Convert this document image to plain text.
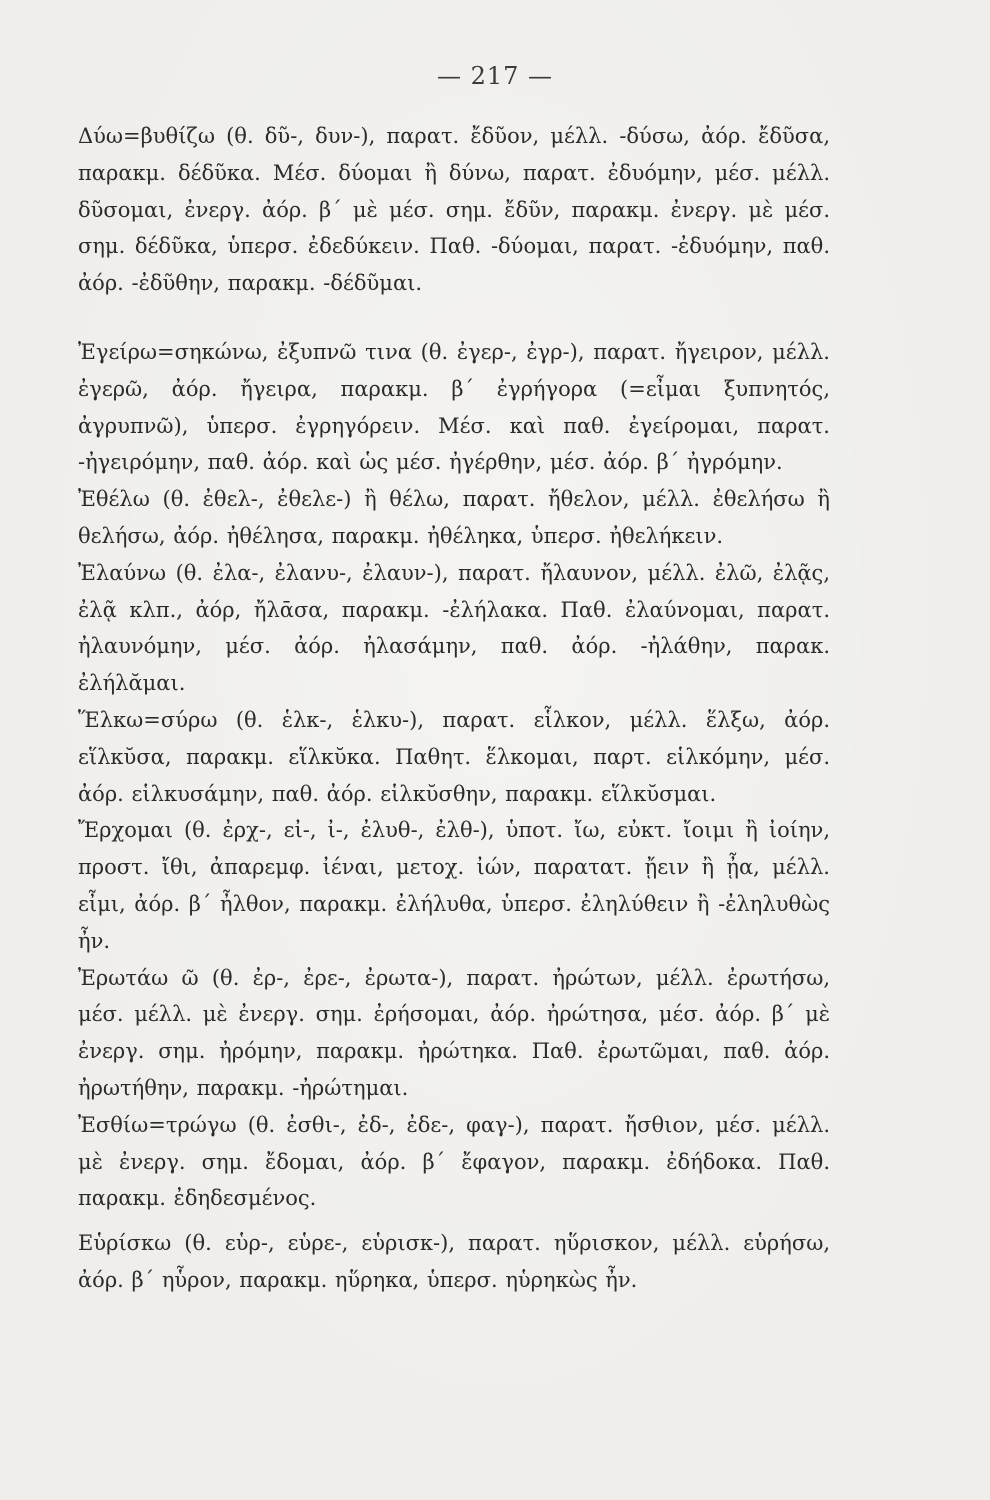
— 217 —

Δύω=βυθίζω (θ. δῦ-, δυν-), παρατ. ἔδῦον, μέλλ. -δύσω, ἀόρ. ἔδῦσα, παρακμ. δέδῦκα. Μέσ. δύομαι ἢ δύνω, παρατ. ἐδυόμην, μέσ. μέλλ. δῦσομαι, ἐνεργ. ἀόρ. β΄ μὲ μέσ. σημ. ἔδῦν, παρακμ. ἐνεργ. μὲ μέσ. σημ. δέδῦκα, ὑπερσ. ἐδεδύκειν. Παθ. -δύομαι, παρατ. -ἐδυόμην, παθ. ἀόρ. -ἐδῦθην, παρακμ. -δέδῦμαι.

Ἐγείρω=σηκώνω, ἐξυπνῶ τινα (θ. ἐγερ-, ἐγρ-), παρατ. ἤγειρον, μέλλ. ἐγερῶ, ἀόρ. ἤγειρα, παρακμ. β΄ ἐγρήγορα (=εἶμαι ξυπνητός, ἀγρυπνῶ), ὑπερσ. ἐγρηγόρειν. Μέσ. καὶ παθ. ἐγείρομαι, παρατ. -ἠγειρόμην, παθ. ἀόρ. καὶ ὡς μέσ. ἠγέρθην, μέσ. ἀόρ. β΄ ἠγρόμην.

Ἐθέλω (θ. ἐθελ-, ἐθελε-) ἢ θέλω, παρατ. ἤθελον, μέλλ. ἐθελήσω ἢ θελήσω, ἀόρ. ἠθέλησα, παρακμ. ἠθέληκα, ὑπερσ. ἠθελήκειν.

Ἐλαύνω (θ. ἐλα-, ἐλανυ-, ἐλαυν-), παρατ. ἤλαυνον, μέλλ. ἐλῶ, ἐλᾷς, ἐλᾷ κλπ., ἀόρ, ἤλᾱσα, παρακμ. -ἐλήλακα. Παθ. ἐλαύνομαι, παρατ. ἠλαυνόμην, μέσ. ἀόρ. ἠλασάμην, παθ. ἀόρ. -ἠλάθην, παρακ. ἐλήλᾰμαι.

Ἕλκω=σύρω (θ. ἑλκ-, ἑλκυ-), παρατ. εἷλκον, μέλλ. ἕλξω, ἀόρ. εἵλκῠσα, παρακμ. εἵλκῠκα. Παθητ. ἕλκομαι, παρτ. εἱλκόμην, μέσ. ἀόρ. εἱλκυσάμην, παθ. ἀόρ. εἱλκῠσθην, παρακμ. εἵλκῠσμαι.

Ἔρχομαι (θ. ἐρχ-, εἰ-, ἰ-, ἐλυθ-, ἐλθ-), ὑποτ. ἴω, εὐκτ. ἴοιμι ἢ ἰοίην, προστ. ἴθι, ἀπαρεμφ. ἰέναι, μετοχ. ἰών, παρατατ. ᾔειν ἢ ᾖα, μέλλ. εἶμι, ἀόρ. β΄ ἦλθον, παρακμ. ἐλήλυθα, ὑπερσ. ἐληλύθειν ἢ -ἐληλυθὼς ἦν.

Ἐρωτάω ῶ (θ. ἐρ-, ἐρε-, ἐρωτα-), παρατ. ἠρώτων, μέλλ. ἐρωτήσω, μέσ. μέλλ. μὲ ἐνεργ. σημ. ἐρήσομαι, ἀόρ. ἠρώτησα, μέσ. ἀόρ. β΄ μὲ ἐνεργ. σημ. ἠρόμην, παρακμ. ἠρώτηκα. Παθ. ἐρωτῶμαι, παθ. ἀόρ. ἠρωτήθην, παρακμ. -ἠρώτημαι.

Ἐσθίω=τρώγω (θ. ἐσθι-, ἐδ-, ἐδε-, φαγ-), παρατ. ἤσθιον, μέσ. μέλλ. μὲ ἐνεργ. σημ. ἔδομαι, ἀόρ. β΄ ἔφαγον, παρακμ. ἐδήδοκα. Παθ. παρακμ. ἐδηδεσμένος.

Εὑρίσκω (θ. εὑρ-, εὑρε-, εὑρισκ-), παρατ. ηὕρισκον, μέλλ. εὑρήσω, ἀόρ. β΄ ηὗρον, παρακμ. ηὕρηκα, ὑπερσ. ηὑρηκὼς ἦν.
